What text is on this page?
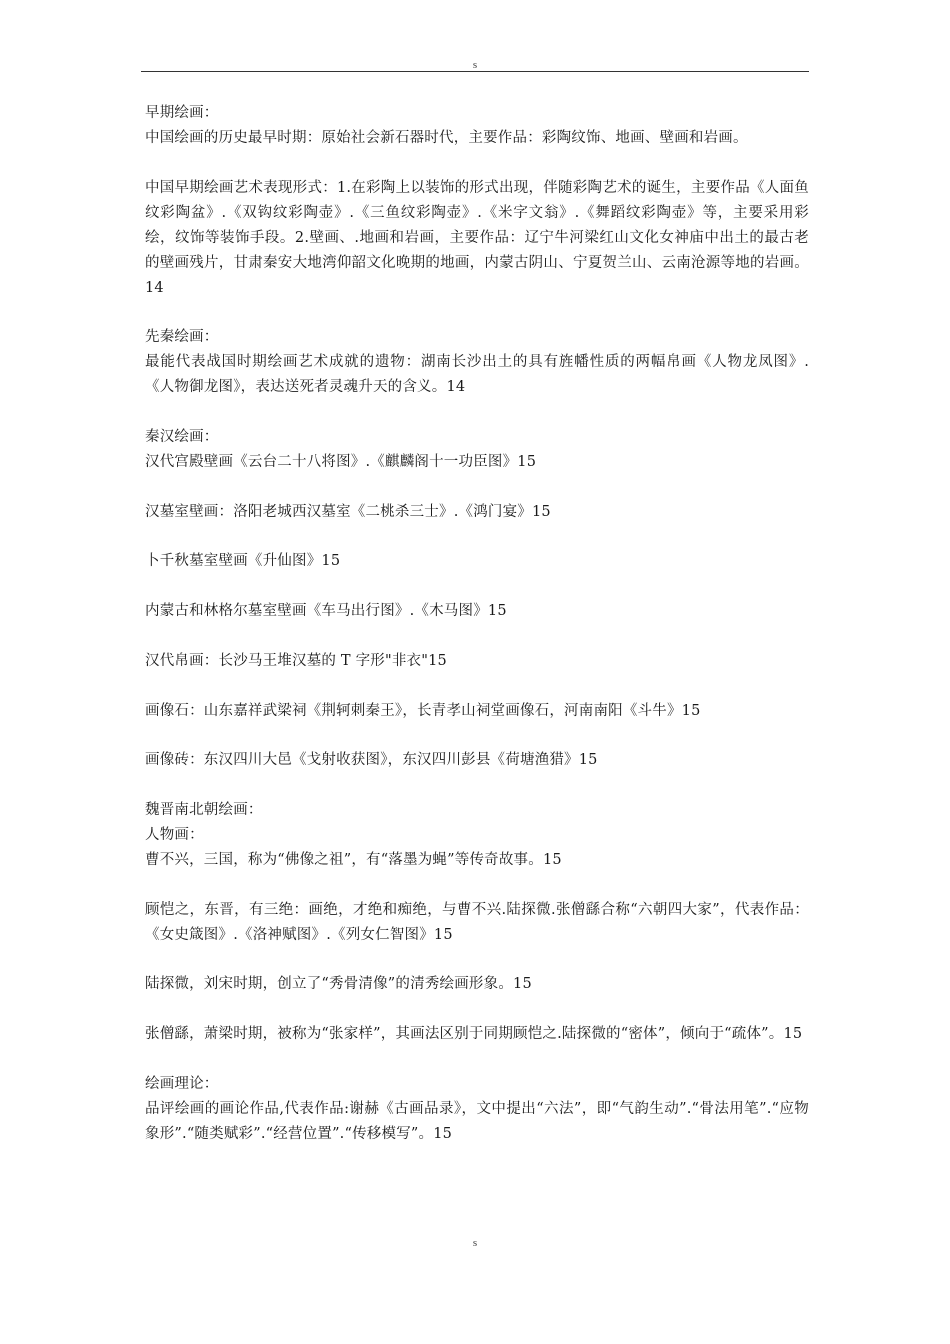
s
早期绘画：
中国绘画的历史最早时期：原始社会新石器时代，主要作品：彩陶纹饰、地画、壁画和岩画。
中国早期绘画艺术表现形式：1.在彩陶上以装饰的形式出现，伴随彩陶艺术的诞生，主要作品《人面鱼纹彩陶盆》.《双钩纹彩陶壶》.《三鱼纹彩陶壶》.《米字文翁》.《舞蹈纹彩陶壶》等，主要采用彩绘，纹饰等装饰手段。2.壁画、.地画和岩画，主要作品：辽宁牛河梁红山文化女神庙中出土的最古老的壁画残片，甘肃秦安大地湾仰韶文化晚期的地画，内蒙古阴山、宁夏贺兰山、云南沧源等地的岩画。14
先秦绘画：
最能代表战国时期绘画艺术成就的遗物：湖南长沙出土的具有旌幡性质的两幅帛画《人物龙凤图》.《人物御龙图》，表达送死者灵魂升天的含义。14
秦汉绘画：
汉代宫殿壁画《云台二十八将图》.《麒麟阁十一功臣图》15
汉墓室壁画：洛阳老城西汉墓室《二桃杀三士》.《鸿门宴》15
卜千秋墓室壁画《升仙图》15
内蒙古和林格尔墓室壁画《车马出行图》.《木马图》15
汉代帛画：长沙马王堆汉墓的 T 字形"非衣"15
画像石：山东嘉祥武梁祠《荆轲刺秦王》，长青孝山祠堂画像石，河南南阳《斗牛》15
画像砖：东汉四川大邑《戈射收获图》，东汉四川彭县《荷塘渔猎》15
魏晋南北朝绘画：
人物画：
曹不兴，三国，称为“佛像之祖”，有“落墨为蝇”等传奇故事。15
顾恺之，东晋，有三绝：画绝，才绝和痴绝，与曹不兴.陆探微.张僧繇合称“六朝四大家”，代表作品：《女史箴图》.《洛神赋图》.《列女仁智图》15
陆探微，刘宋时期，创立了“秀骨清像”的清秀绘画形象。15
张僧繇，萧梁时期，被称为“张家样”，其画法区别于同期顾恺之.陆探微的“密体”，倾向于“疏体”。15
绘画理论：
品评绘画的画论作品,代表作品:谢赫《古画品录》，文中提出“六法”，即“气韵生动”.“骨法用笔”.“应物象形”.“随类赋彩”.“经营位置”.“传移模写”。15
s
